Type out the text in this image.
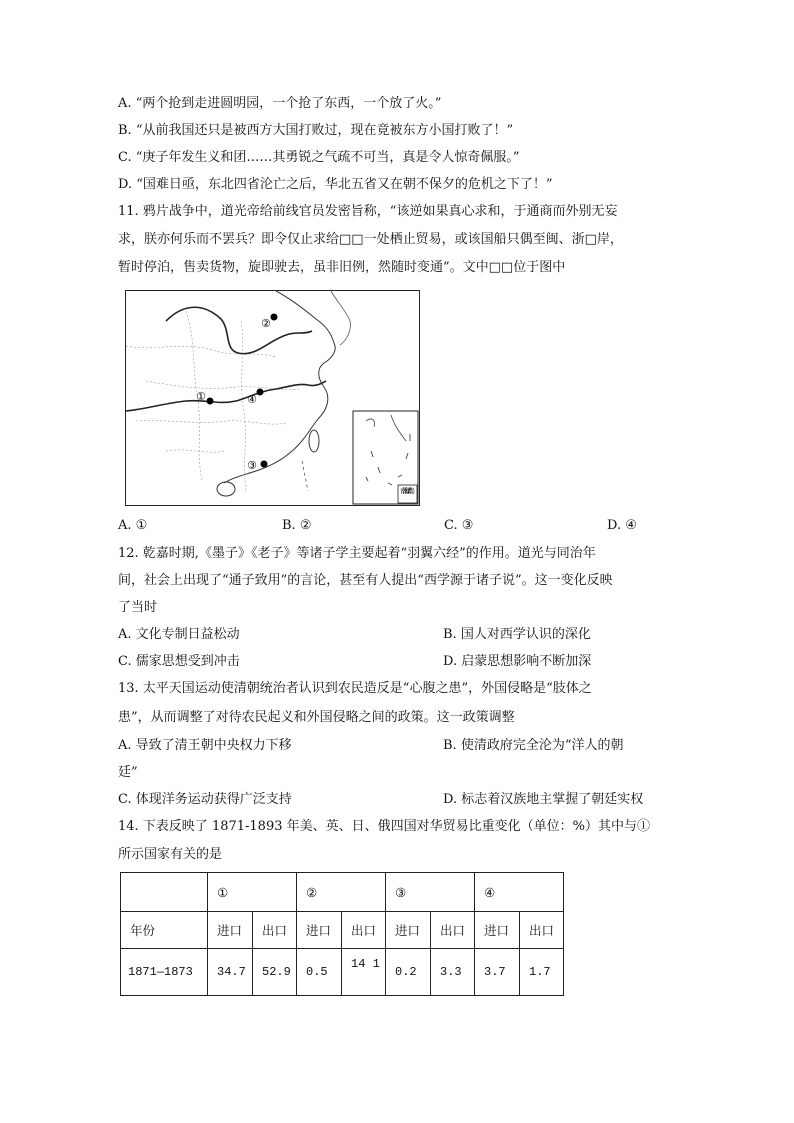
A. “两个抢到走进圆明园，一个抢了东西，一个放了火。”
B. “从前我国还只是被西方大国打败过，现在竟被东方小国打败了！”
C. “庚子年发生义和团……其勇锐之气疏不可当，真是令人惊奇佩服。”
D. “国难日亟，东北四省沦亡之后，华北五省又在朝不保夕的危机之下了！”
11. 鸦片战争中，道光帝给前线官员发密旨称，“该逆如果真心求和，于通商而外别无妄
求，朕亦何乐而不罢兵？即令仅止求给□□一处栖止贸易，或该国船只偶至闽、浙□岸，
暂时停泊，售卖货物，旋即驶去，虽非旧例，然随时变通”。文中□□位于图中
①
②
③
④
南海诸岛
A. ①	B. ②	C. ③	D. ④
12. 乾嘉时期,《墨子》《老子》等诸子学主要起着“羽翼六经”的作用。道光与同治年
间，社会上出现了“通子致用”的言论，甚至有人提出“西学源于诸子说”。这一变化反映
了当时
A. 文化专制日益松动	B. 国人对西学认识的深化
C. 儒家思想受到冲击	D. 启蒙思想影响不断加深
13. 太平天国运动使清朝统治者认识到农民造反是“心腹之患”，外国侵略是“肢体之
患”，从而调整了对待农民起义和外国侵略之间的政策。这一政策调整
A. 导致了清王朝中央权力下移	B. 使清政府完全沦为“洋人的朝
廷”
C. 体现洋务运动获得广泛支持	D. 标志着汉族地主掌握了朝廷实权
14. 下表反映了 1871-1893 年美、英、日、俄四国对华贸易比重变化（单位：%）其中与①
所示国家有关的是
	①		②		③		④	
年份	进口	出口	进口	出口	进口	出口	进口	出口
1871—1873	34.7	52.9	0.5	14 1	0.2	3.3	3.7	1.7
